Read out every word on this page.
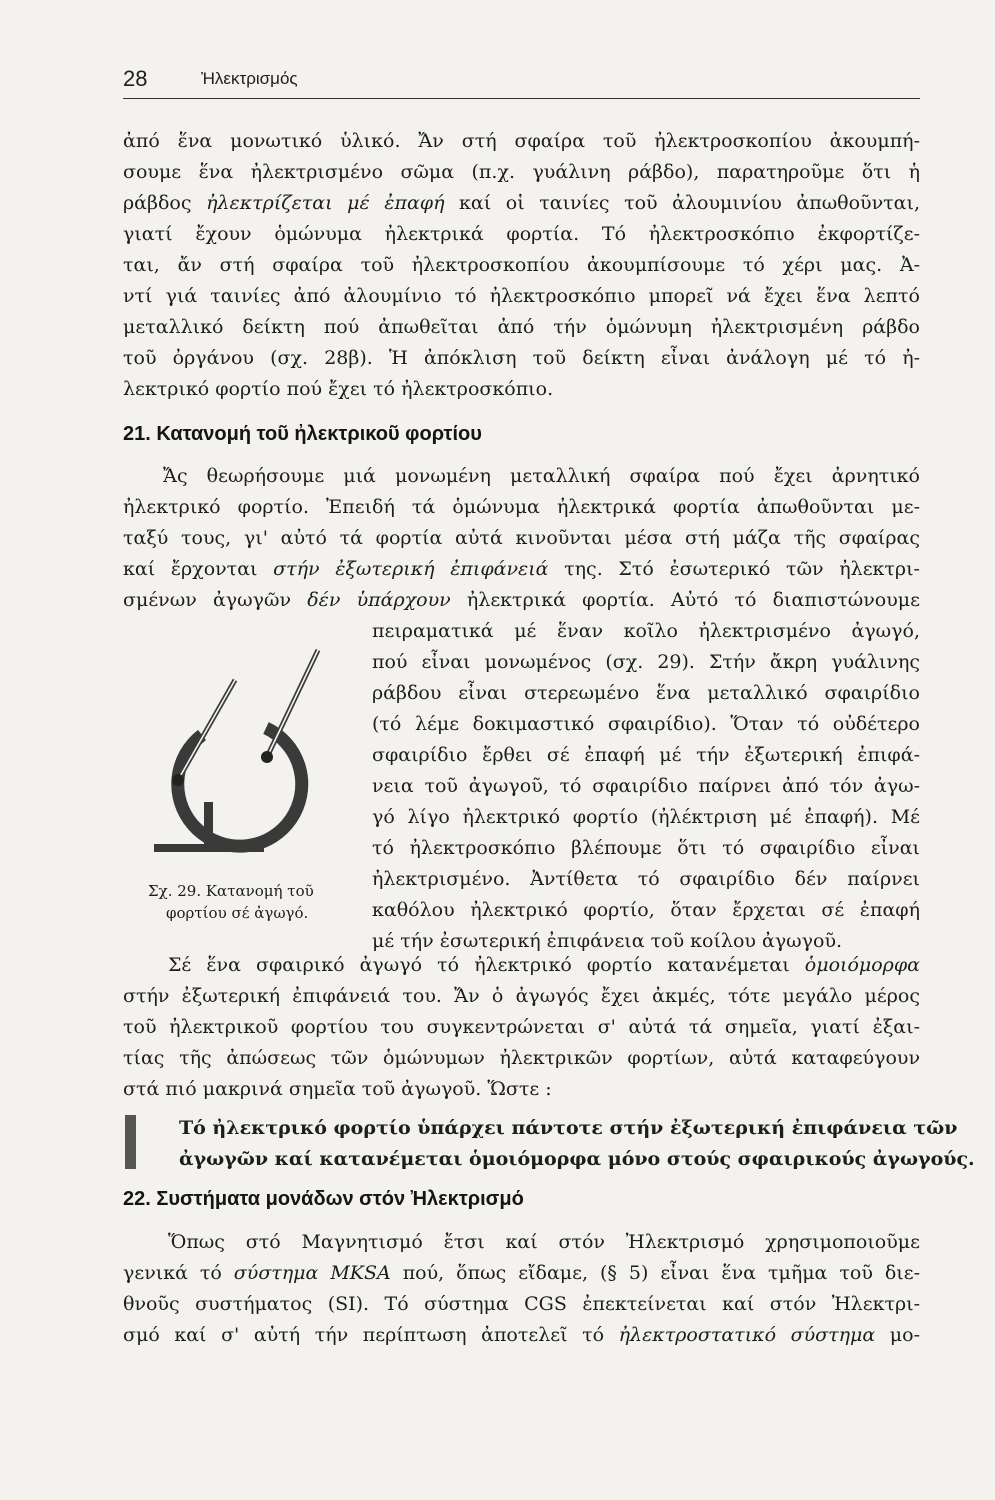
28	Ἠλεκτρισμός
ἀπό ἕνα μονωτικό ὑλικό. Ἄν στή σφαίρα τοῦ ἠλεκτροσκοπίου ἀκουμπή-
σουμε ἕνα ἠλεκτρισμένο σῶμα (π.χ. γυάλινη ράβδο), παρατηροῦμε ὅτι ἡ
ράβδος ἠλεκτρίζεται μέ ἐπαφή καί οἱ ταινίες τοῦ ἀλουμινίου ἀπωθοῦνται,
γιατί ἔχουν ὁμώνυμα ἠλεκτρικά φορτία. Τό ἠλεκτροσκόπιο ἐκφορτίζε-
ται, ἄν στή σφαίρα τοῦ ἠλεκτροσκοπίου ἀκουμπίσουμε τό χέρι μας. Ἀ-
ντί γιά ταινίες ἀπό ἀλουμίνιο τό ἠλεκτροσκόπιο μπορεῖ νά ἔχει ἕνα λεπτό
μεταλλικό δείκτη πού ἀπωθεῖται ἀπό τήν ὁμώνυμη ἠλεκτρισμένη ράβδο
τοῦ ὀργάνου (σχ. 28β). Ἡ ἀπόκλιση τοῦ δείκτη εἶναι ἀνάλογη μέ τό ἠ-
λεκτρικό φορτίο πού ἔχει τό ἠλεκτροσκόπιο.
21. Κατανομή τοῦ ἠλεκτρικοῦ φορτίου
Ἄς θεωρήσουμε μιά μονωμένη μεταλλική σφαίρα πού ἔχει ἀρνητικό
ἠλεκτρικό φορτίο. Ἐπειδή τά ὁμώνυμα ἠλεκτρικά φορτία ἀπωθοῦνται με-
ταξύ τους, γι' αὐτό τά φορτία αὐτά κινοῦνται μέσα στή μάζα τῆς σφαίρας
καί ἔρχονται στήν ἐξωτερική ἐπιφάνειά της. Στό ἐσωτερικό τῶν ἠλεκτρι-
σμένων ἀγωγῶν δέν ὑπάρχουν ἠλεκτρικά φορτία. Αὐτό τό διαπιστώνουμε
πειραματικά μέ ἕναν κοῖλο ἠλεκτρισμένο ἀγωγό,
πού εἶναι μονωμένος (σχ. 29). Στήν ἄκρη γυάλινης
ράβδου εἶναι στερεωμένο ἕνα μεταλλικό σφαιρίδιο
(τό λέμε δοκιμαστικό σφαιρίδιο). Ὅταν τό οὐδέτερο
σφαιρίδιο ἔρθει σέ ἐπαφή μέ τήν ἐξωτερική ἐπιφά-
νεια τοῦ ἀγωγοῦ, τό σφαιρίδιο παίρνει ἀπό τόν ἀγω-
γό λίγο ἠλεκτρικό φορτίο (ἠλέκτριση μέ ἐπαφή). Μέ
τό ἠλεκτροσκόπιο βλέπουμε ὅτι τό σφαιρίδιο εἶναι
ἠλεκτρισμένο. Ἀντίθετα τό σφαιρίδιο δέν παίρνει
καθόλου ἠλεκτρικό φορτίο, ὅταν ἔρχεται σέ ἐπαφή
μέ τήν ἐσωτερική ἐπιφάνεια τοῦ κοίλου ἀγωγοῦ.
Σχ. 29. Κατανομή τοῦ
φορτίου σέ ἀγωγό.
Σέ ἕνα σφαιρικό ἀγωγό τό ἠλεκτρικό φορτίο κατανέμεται ὁμοιόμορφα
στήν ἐξωτερική ἐπιφάνειά του. Ἄν ὁ ἀγωγός ἔχει ἀκμές, τότε μεγάλο μέρος
τοῦ ἠλεκτρικοῦ φορτίου του συγκεντρώνεται σ' αὐτά τά σημεῖα, γιατί ἐξαι-
τίας τῆς ἀπώσεως τῶν ὁμώνυμων ἠλεκτρικῶν φορτίων, αὐτά καταφεύγουν
στά πιό μακρινά σημεῖα τοῦ ἀγωγοῦ. Ὥστε :
Τό ἠλεκτρικό φορτίο ὑπάρχει πάντοτε στήν ἐξωτερική ἐπιφάνεια τῶν
ἀγωγῶν καί κατανέμεται ὁμοιόμορφα μόνο στούς σφαιρικούς ἀγωγούς.
22. Συστήματα μονάδων στόν Ἠλεκτρισμό
Ὅπως στό Μαγνητισμό ἔτσι καί στόν Ἠλεκτρισμό χρησιμοποιοῦμε
γενικά τό σύστημα MKSA πού, ὅπως εἴδαμε, (§ 5) εἶναι ἕνα τμῆμα τοῦ διε-
θνοῦς συστήματος (SI). Τό σύστημα CGS ἐπεκτείνεται καί στόν Ἠλεκτρι-
σμό καί σ' αὐτή τήν περίπτωση ἀποτελεῖ τό ἠλεκτροστατικό σύστημα μο-
